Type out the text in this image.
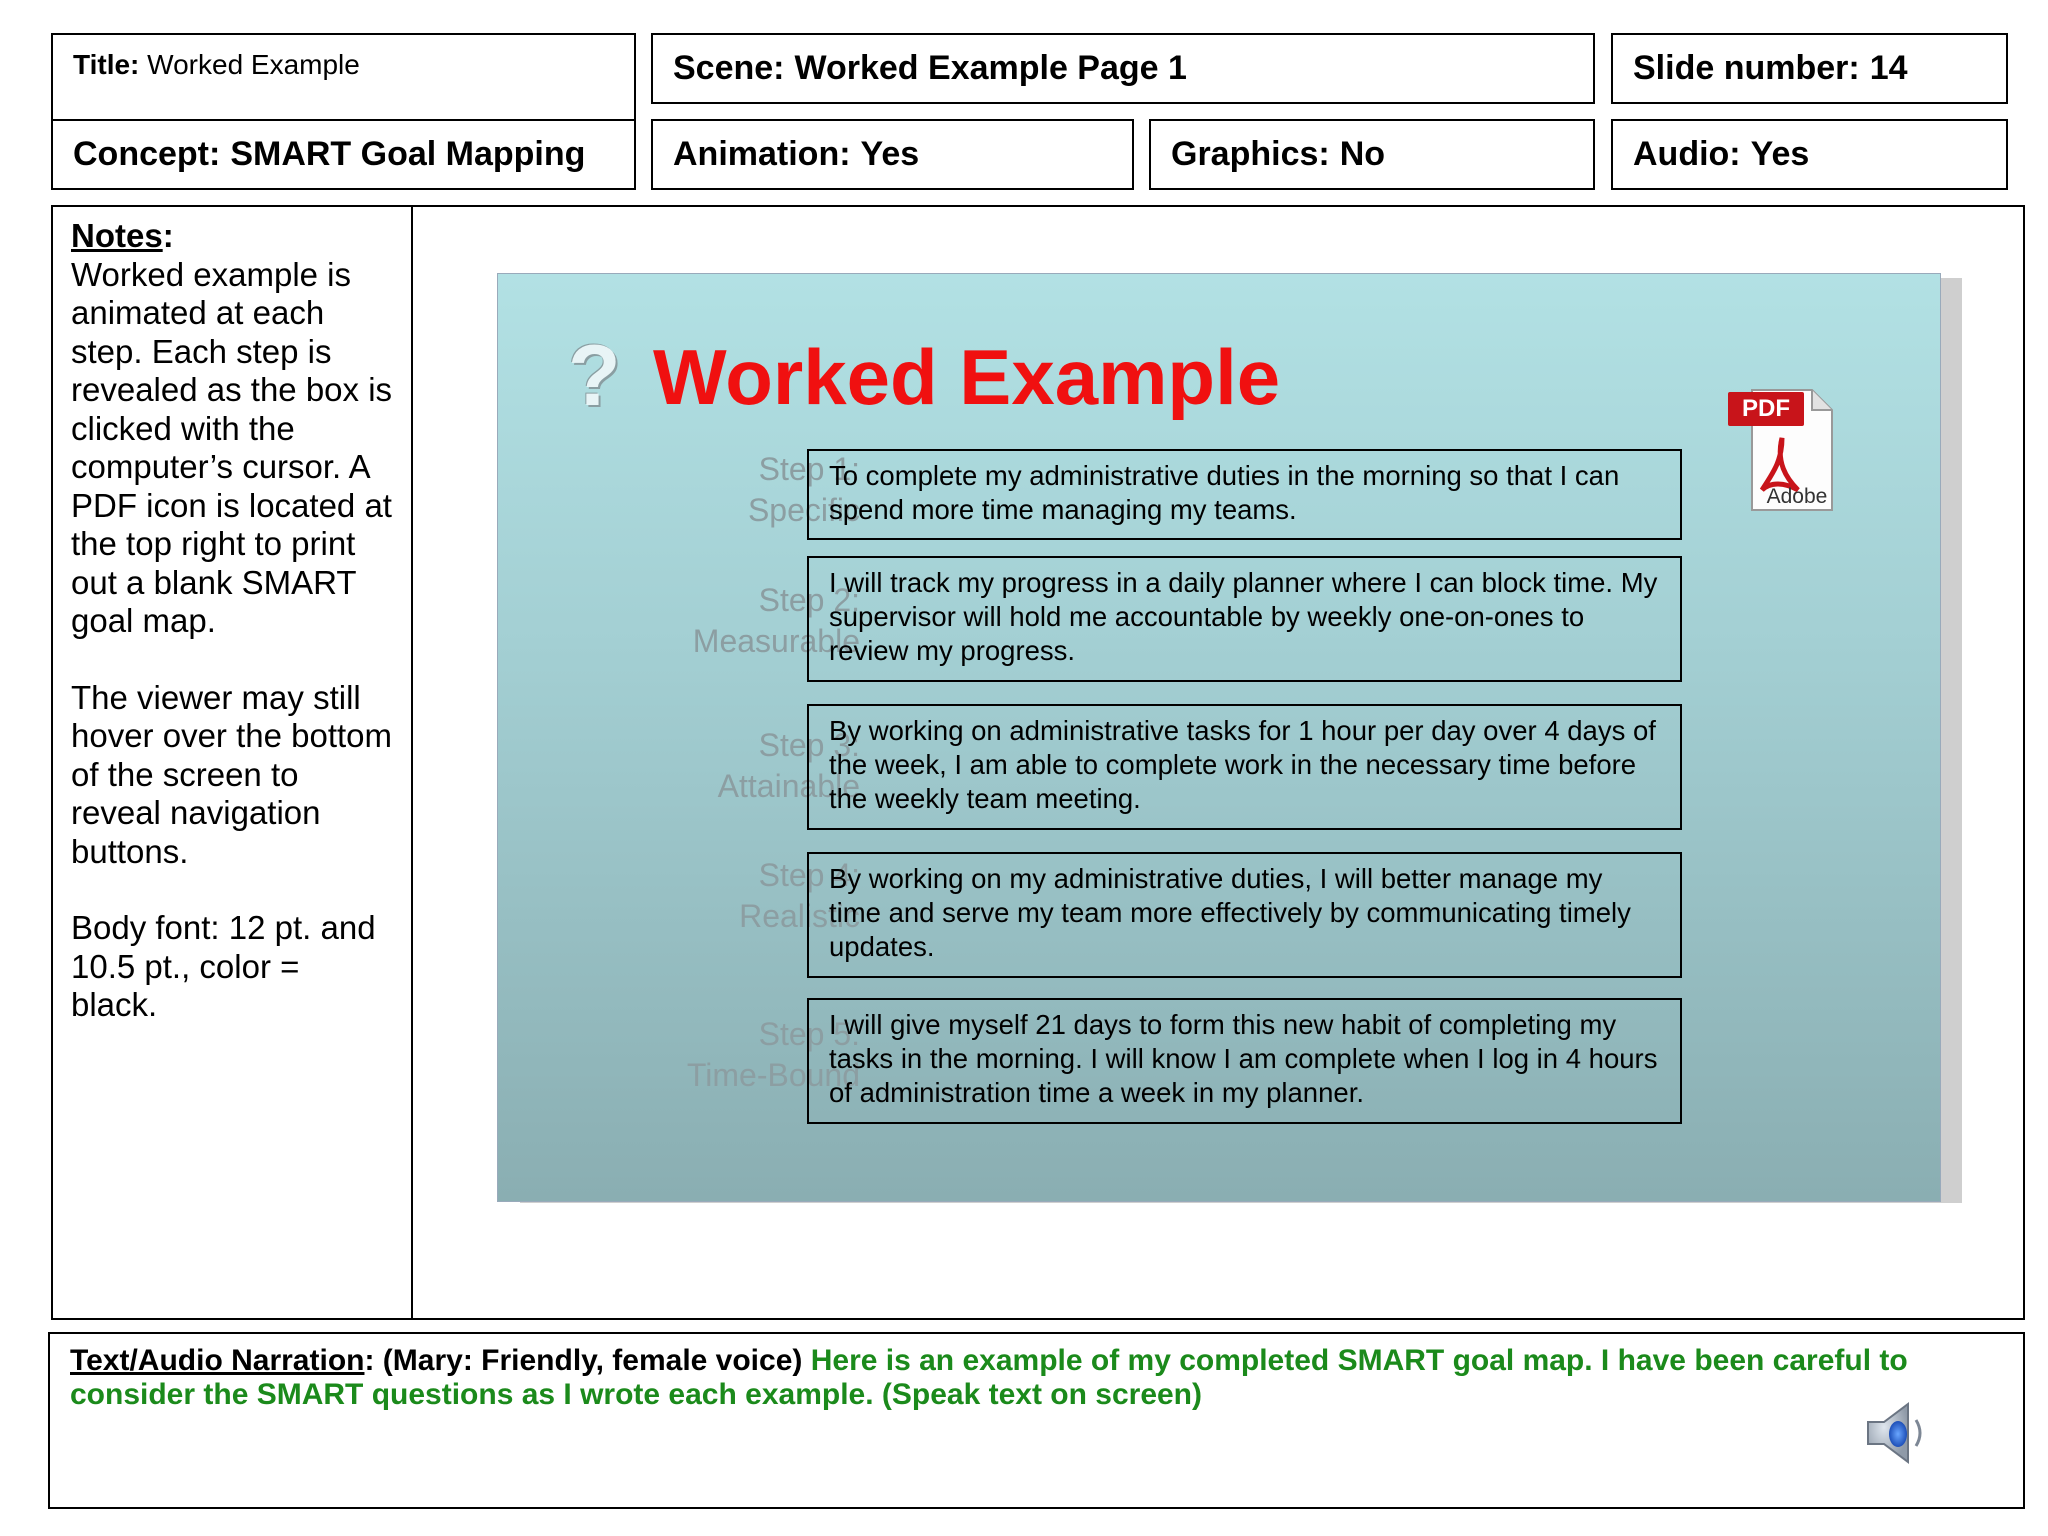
Title: Worked Example	Scene: Worked Example Page 1	Slide number: 14
Concept: SMART Goal Mapping	Animation: Yes	Graphics: No	Audio: Yes
Notes:

Worked example is animated at each step. Each step is revealed as the box is clicked with the computer’s cursor. A PDF icon is located at the top right to print out a blank SMART goal map.

The viewer may still hover over the bottom of the screen to reveal navigation buttons.

Body font: 12 pt. and 10.5 pt., color = black.

? Worked Example	PDF
Adobe
Step 1:
Specific
To complete my administrative duties in the morning so that I can spend more time managing my teams.
Step 2:
Measurable
I will track my progress in a daily planner where I can block time. My supervisor will hold me accountable by weekly one-on-ones to review my progress.
Step 3:
Attainable
By working on administrative tasks for 1 hour per day over 4 days of the week, I am able to complete work in the necessary time before the weekly team meeting.
Step 4:
Realistic
By working on my administrative duties, I will better manage my time and serve my team more effectively by communicating timely updates.
Step 5:
Time-Bound
I will give myself 21 days to form this new habit of completing my tasks in the morning. I will know I am complete when I log in 4 hours of administration time a week in my planner.
Text/Audio Narration: (Mary: Friendly, female voice) Here is an example of my completed SMART goal map. I have been careful to consider the SMART questions as I wrote each example. (Speak text on screen)
